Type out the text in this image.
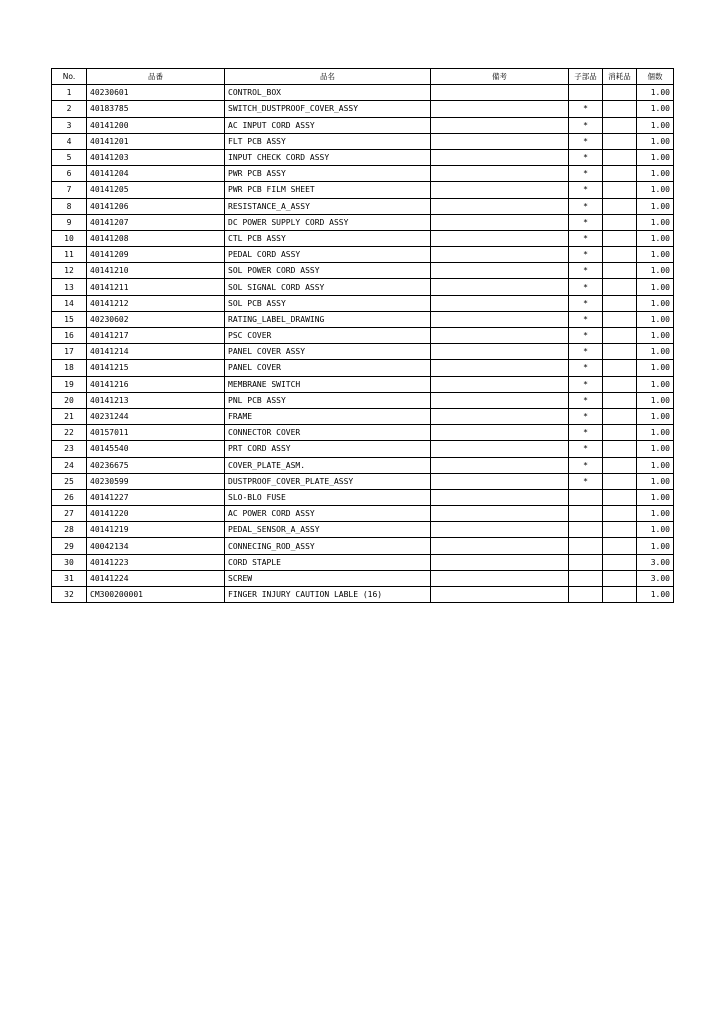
No.	品番	品名	備考	子部品	消耗品	個数
1	40230601	CONTROL_BOX				1.00
2	40183785	SWITCH_DUSTPROOF_COVER_ASSY		*		1.00
3	40141200	AC INPUT CORD ASSY		*		1.00
4	40141201	FLT PCB ASSY		*		1.00
5	40141203	INPUT CHECK CORD ASSY		*		1.00
6	40141204	PWR PCB ASSY		*		1.00
7	40141205	PWR PCB FILM SHEET		*		1.00
8	40141206	RESISTANCE_A_ASSY		*		1.00
9	40141207	DC POWER SUPPLY CORD ASSY		*		1.00
10	40141208	CTL PCB ASSY		*		1.00
11	40141209	PEDAL CORD ASSY		*		1.00
12	40141210	SOL POWER CORD ASSY		*		1.00
13	40141211	SOL SIGNAL CORD ASSY		*		1.00
14	40141212	SOL PCB ASSY		*		1.00
15	40230602	RATING_LABEL_DRAWING		*		1.00
16	40141217	PSC COVER		*		1.00
17	40141214	PANEL COVER ASSY		*		1.00
18	40141215	PANEL COVER		*		1.00
19	40141216	MEMBRANE SWITCH		*		1.00
20	40141213	PNL PCB ASSY		*		1.00
21	40231244	FRAME		*		1.00
22	40157011	CONNECTOR COVER		*		1.00
23	40145540	PRT CORD ASSY		*		1.00
24	40236675	COVER_PLATE_ASM.		*		1.00
25	40230599	DUSTPROOF_COVER_PLATE_ASSY		*		1.00
26	40141227	SLO-BLO FUSE				1.00
27	40141220	AC POWER CORD ASSY				1.00
28	40141219	PEDAL_SENSOR_A_ASSY				1.00
29	40042134	CONNECING_ROD_ASSY				1.00
30	40141223	CORD STAPLE				3.00
31	40141224	SCREW				3.00
32	CM300200001	FINGER INJURY CAUTION LABLE (16)				1.00
